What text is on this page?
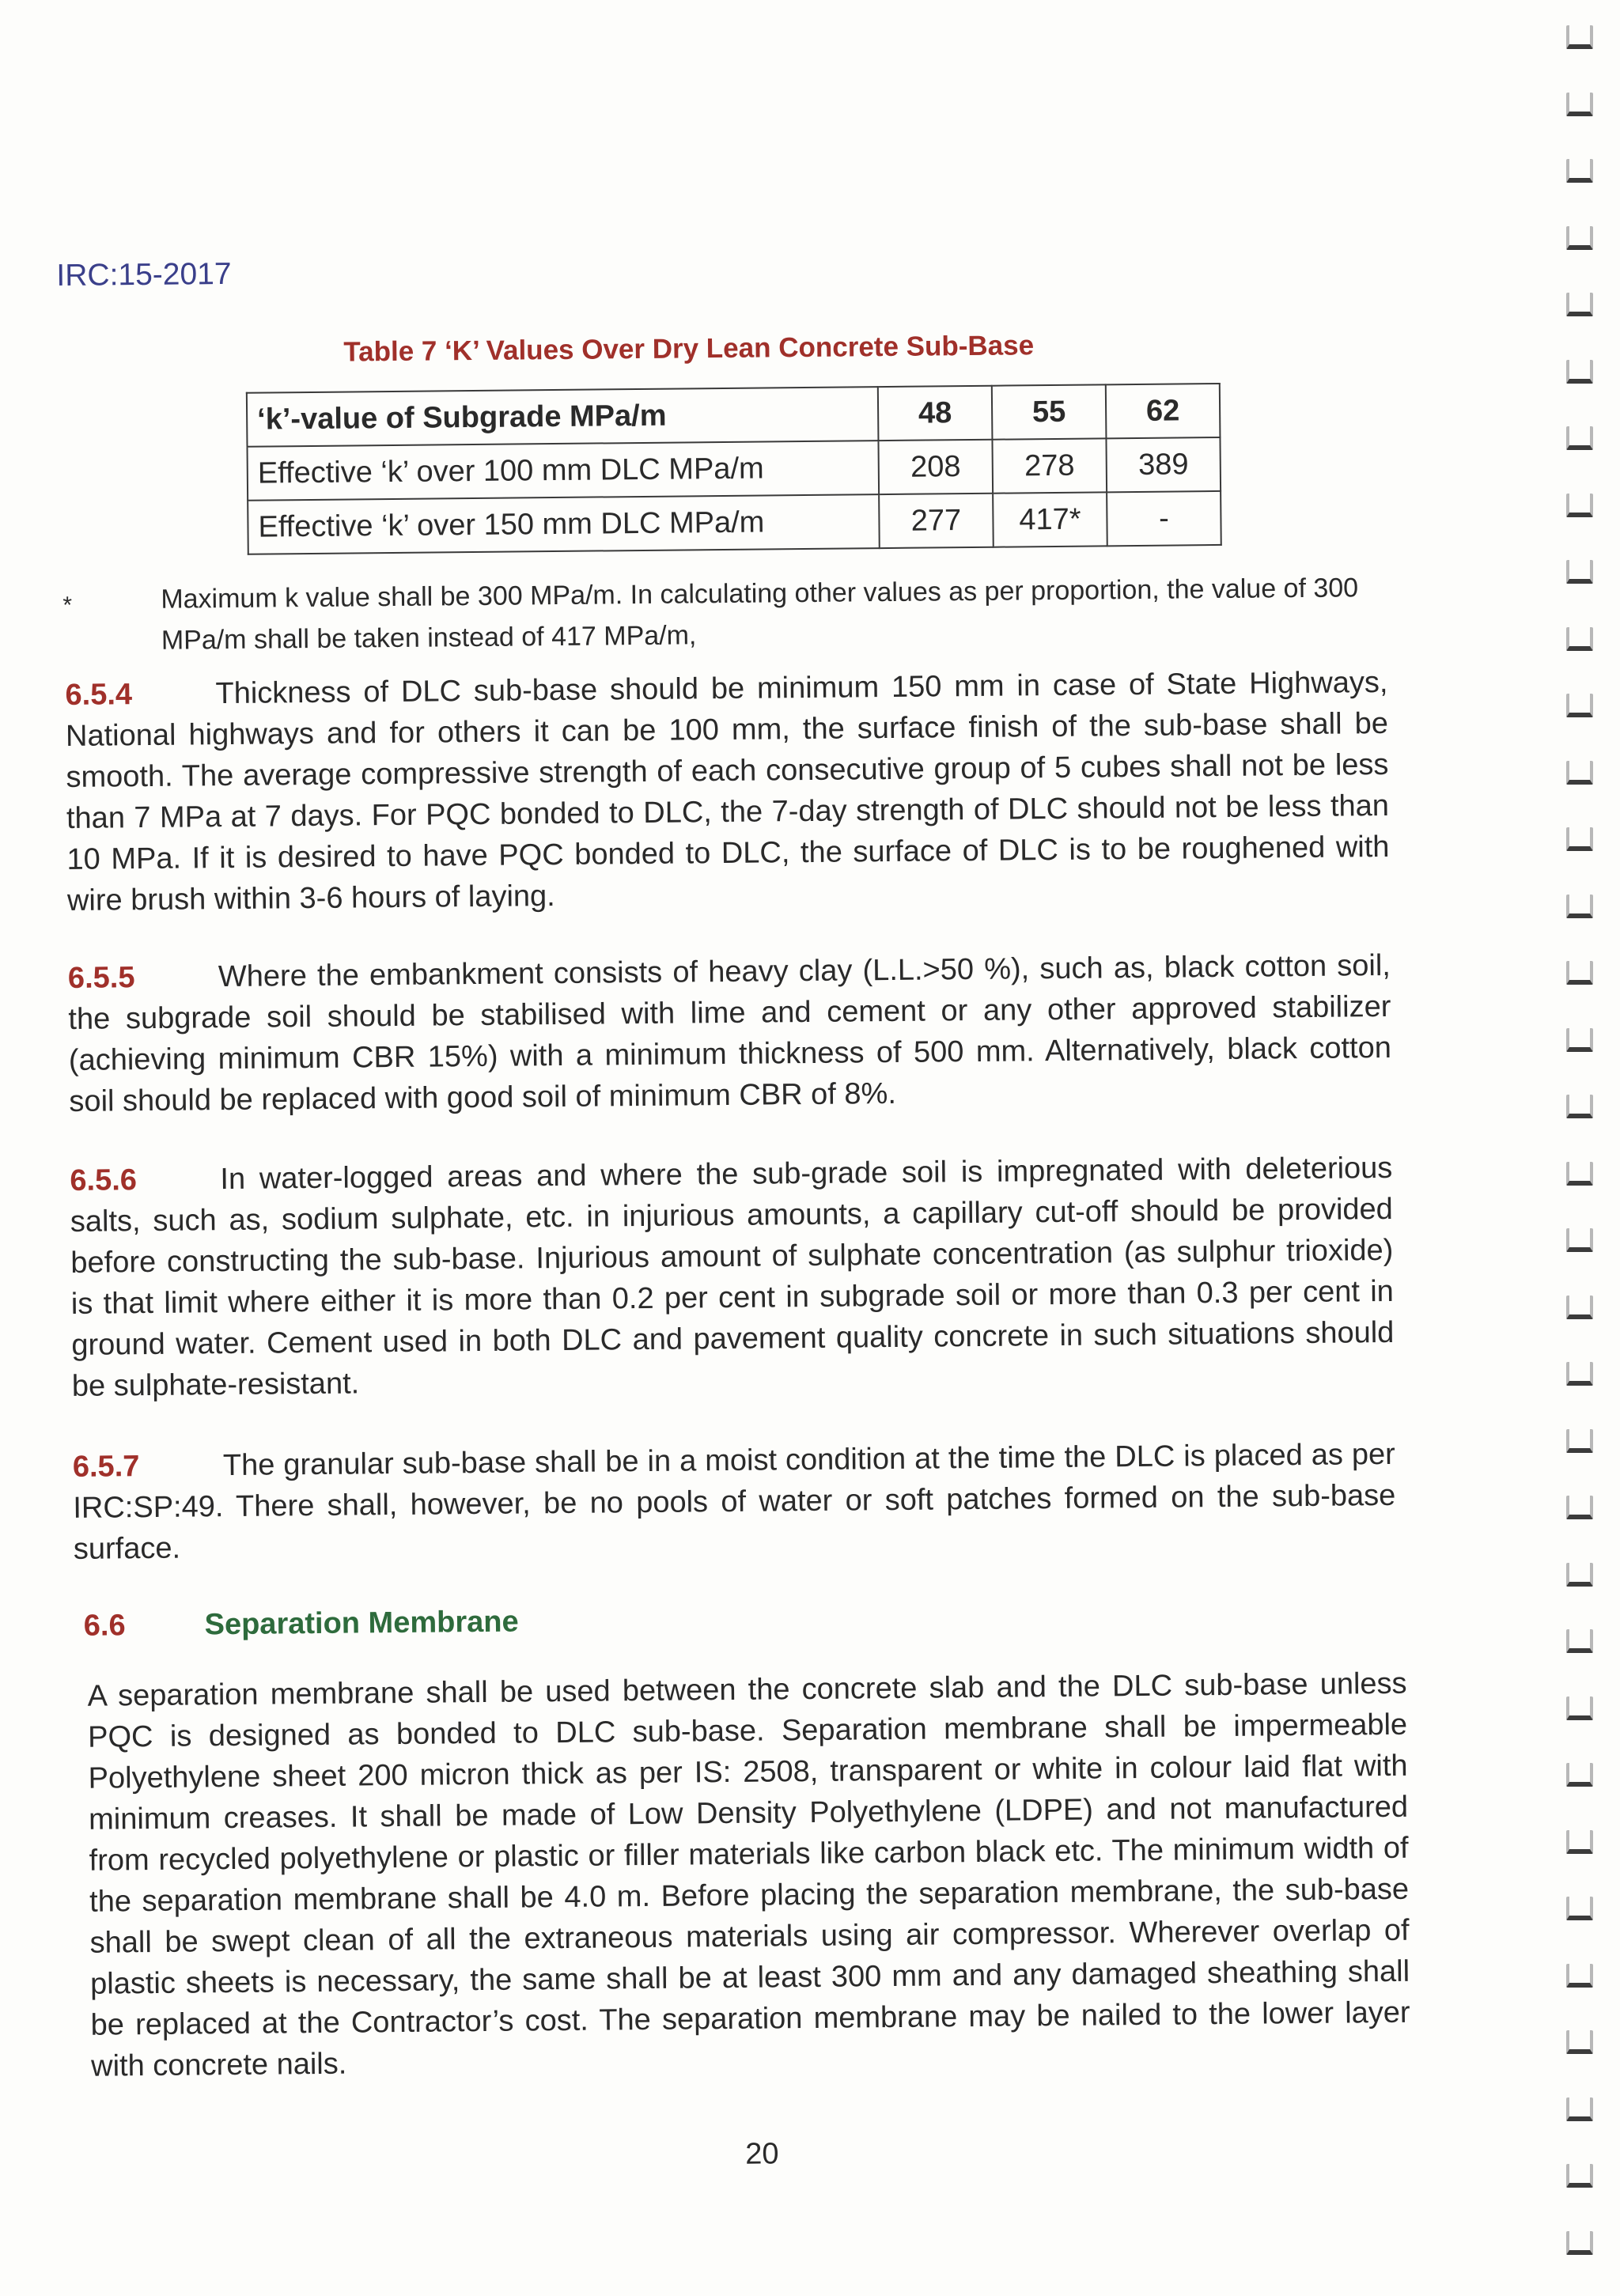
IRC:15-2017
Table 7 ‘K’ Values Over Dry Lean Concrete Sub-Base
‘k’-value of Subgrade MPa/m	48	55	62
Effective ‘k’ over 100 mm DLC MPa/m	208	278	389
Effective ‘k’ over 150 mm DLC MPa/m	277	417*	-
*	Maximum k value shall be 300 MPa/m. In calculating other values as per proportion, the value of 300 MPa/m shall be taken instead of 417 MPa/m,
6.5.4	Thickness of DLC sub-base should be minimum 150 mm in case of State Highways, National highways and for others it can be 100 mm, the surface finish of the sub-base shall be smooth. The average compressive strength of each consecutive group of 5 cubes shall not be less than 7 MPa at 7 days. For PQC bonded to DLC, the 7-day strength of DLC should not be less than 10 MPa. If it is desired to have PQC bonded to DLC, the surface of DLC is to be roughened with wire brush within 3-6 hours of laying.
6.5.5	Where the embankment consists of heavy clay (L.L.>50 %), such as, black cotton soil, the subgrade soil should be stabilised with lime and cement or any other approved stabilizer (achieving minimum CBR 15%) with a minimum thickness of 500 mm. Alternatively, black cotton soil should be replaced with good soil of minimum CBR of 8%.
6.5.6	In water-logged areas and where the sub-grade soil is impregnated with deleterious salts, such as, sodium sulphate, etc. in injurious amounts, a capillary cut-off should be provided before constructing the sub-base. Injurious amount of sulphate concentration (as sulphur trioxide) is that limit where either it is more than 0.2 per cent in subgrade soil or more than 0.3 per cent in ground water. Cement used in both DLC and pavement quality concrete in such situations should be sulphate-resistant.
6.5.7	The granular sub-base shall be in a moist condition at the time the DLC is placed as per IRC:SP:49. There shall, however, be no pools of water or soft patches formed on the sub-base surface.
6.6	Separation Membrane
A separation membrane shall be used between the concrete slab and the DLC sub-base unless PQC is designed as bonded to DLC sub-base. Separation membrane shall be impermeable Polyethylene sheet 200 micron thick as per IS: 2508, transparent or white in colour laid flat with minimum creases. It shall be made of Low Density Polyethylene (LDPE) and not manufactured from recycled polyethylene or plastic or filler materials like carbon black etc. The minimum width of the separation membrane shall be 4.0 m. Before placing the separation membrane, the sub-base shall be swept clean of all the extraneous materials using air compressor. Wherever overlap of plastic sheets is necessary, the same shall be at least 300 mm and any damaged sheathing shall be replaced at the Contractor’s cost. The separation membrane may be nailed to the lower layer with concrete nails.
20
